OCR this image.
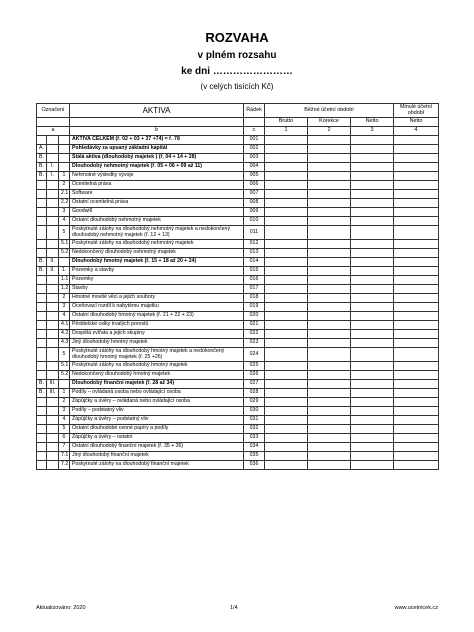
ROZVAHA
v plném rozsahu
ke dni ……………………
(v celých tisících Kč)
Označení			AKTIVA	Řádek	Běžné účetní období			Minulé účetní období
					Brutto	Korekce	Netto	Netto
a			b	c	1	2	3	4
			AKTIVA CELKEM (ř. 02 + 03 + 37 +74) = ř. 78	001				
A.			Pohledávky za upsaný základní kapitál	002				
B.			Stálá aktiva (dlouhodobý majetek ) (ř. 04 + 14 + 28)	003				
B.	I.		Dlouhodobý nehmotný majetek (ř. 05 + 06 + 09 až 11)	004				
B.	I.	1	Nehmotné výsledky vývoje	005				
		2	Ocenitelná práva	006				
		2.1	Software	007				
		2.2	Ostatní ocenitelná práva	008				
		3	Goodwill	009				
		4	Ostatní dlouhodobý nehmotný majetek	010				
		5	Poskytnuté zálohy na dlouhodobý nehmotný majetek a nedokončený dlouhodobý nehmotný majetek (ř. 12 + 13)	011				
		5.1	Poskytnuté zálohy na dlouhodobý nehmotný majetek	012				
		5.2	Nedokončený dlouhodobý nehmotný majetek	013				
B.	II.		Dlouhodobý hmotný majetek (ř. 15 + 18 až 20 + 24)	014				
B.	II.	1.	Pozemky a stavby	015				
		1.1	Pozemky	016				
		1.2	Stavby	017				
		2	Hmotné movité věci a jejich soubory	018				
		3	Oceňovací rozdíl k nabytému majetku	019				
		4	Ostatní dlouhodobý hmotný majetek (ř. 21 + 22 + 23)	020				
		4.1	Pěstitelské celky trvalých porostů	021				
		4.2	Dospělá zvířata a jejich skupiny	022				
		4.3	Jiný dlouhodobý hmotný majetek	023				
		5	Poskytnuté zálohy na dlouhodobý hmotný majetek a nedokončený dlouhodobý hmotný majetek (ř. 25 +26)	024				
		5.1	Poskytnuté zálohy na dlouhodobý hmotný majetek	025				
		5.2	Nedokončený dlouhodobý hmotný majetek	026				
B.	III.		Dlouhodobý finanční majetek (ř. 28 až 34)	027				
B.	III.	1	Podíly – ovládaná osoba nebo ovládající osoba	028				
		2	Zápůjčky a úvěry – ovládaná nebo ovládající osoba	029				
		3	Podíly – podstatný vliv	030				
		4	Zápůjčky a úvěry – podstatný vliv	031				
		5	Ostatní dlouhodobé cenné papíry a podíly	032				
		6	Zápůjčky a úvěry – ostatní	033				
		7	Ostatní dlouhodobý finanční majetek (ř. 35 + 36)	034				
		7.1	Jiný dlouhodobý finanční majetek	035				
		7.2	Poskytnuté zálohy na dlouhodobý finanční majetek	036				
Aktualizováno: 2020	1/4	www.ucetnicek.cz
